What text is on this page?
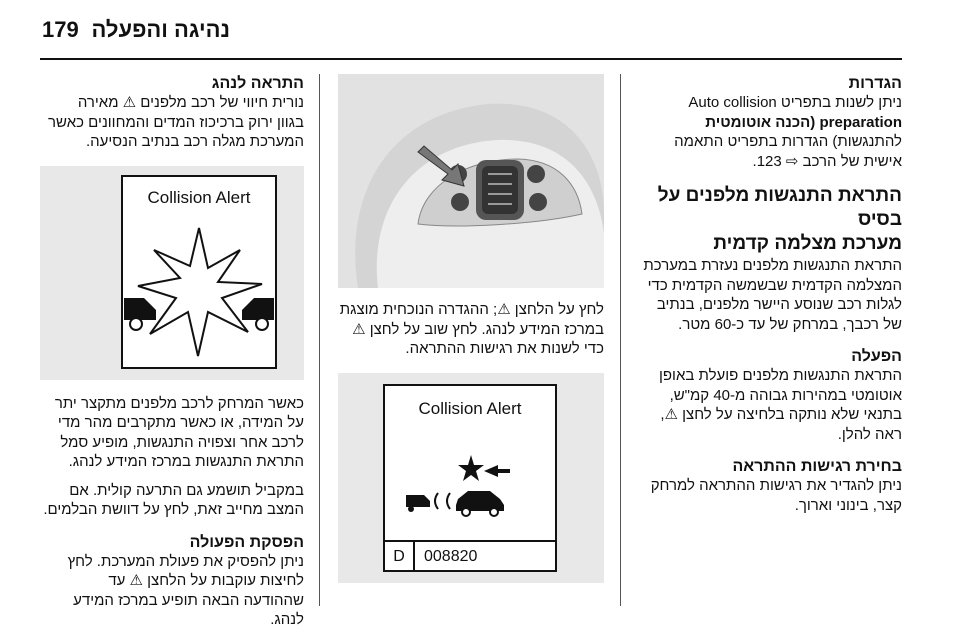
179 נהיגה והפעלה
הגדרות

ניתן לשנות בתפריט Auto collision

preparation (הכנה אוטומטית

להתנגשות) הגדרות בתפריט התאמה

אישית של הרכב ⇨ 123.

התראת התנגשות מלפנים על בסיס
מערכת מצלמה קדמית

התראת התנגשות מלפנים נעזרת במערכת

המצלמה הקדמית שבשמשה הקדמית כדי

לגלות רכב שנוסע היישר מלפנים, בנתיב

של רכבך, במרחק של עד כ-60 מטר.

הפעלה

התראת התנגשות מלפנים פועלת באופן

אוטומטי במהירות גבוהה מ-40 קמ"ש,

בתנאי שלא נותקה בלחיצה על לחצן ⚠,

ראה להלן.

בחירת רגישות ההתראה

ניתן להגדיר את רגישות ההתראה למרחק

קצר, בינוני וארוך.

לחץ על הלחצן ⚠; ההגדרה הנוכחית מוצגת

במרכז המידע לנהג. לחץ שוב על לחצן ⚠

כדי לשנות את רגישות ההתראה.

Collision Alert
D	008820
התראה לנהג

נורית חיווי של רכב מלפנים ⚠ מאירה

בגוון ירוק ברכיכוז המדים והמחוונים כאשר

המערכת מגלה רכב בנתיב הנסיעה.

Collision Alert

כאשר המרחק לרכב מלפנים מתקצר יתר

על המידה, או כאשר מתקרבים מהר מדי

לרכב אחר וצפויה התנגשות, מופיע סמל

התראת התנגשות במרכז המידע לנהג.

במקביל תושמע גם התרעה קולית. אם

המצב מחייב זאת, לחץ על דוושת הבלמים.

הפסקת הפעולה

ניתן להפסיק את פעולת המערכת. לחץ

לחיצות עוקבות על הלחצן ⚠ עד

שההודעה הבאה תופיע במרכז המידע

לנהג.
